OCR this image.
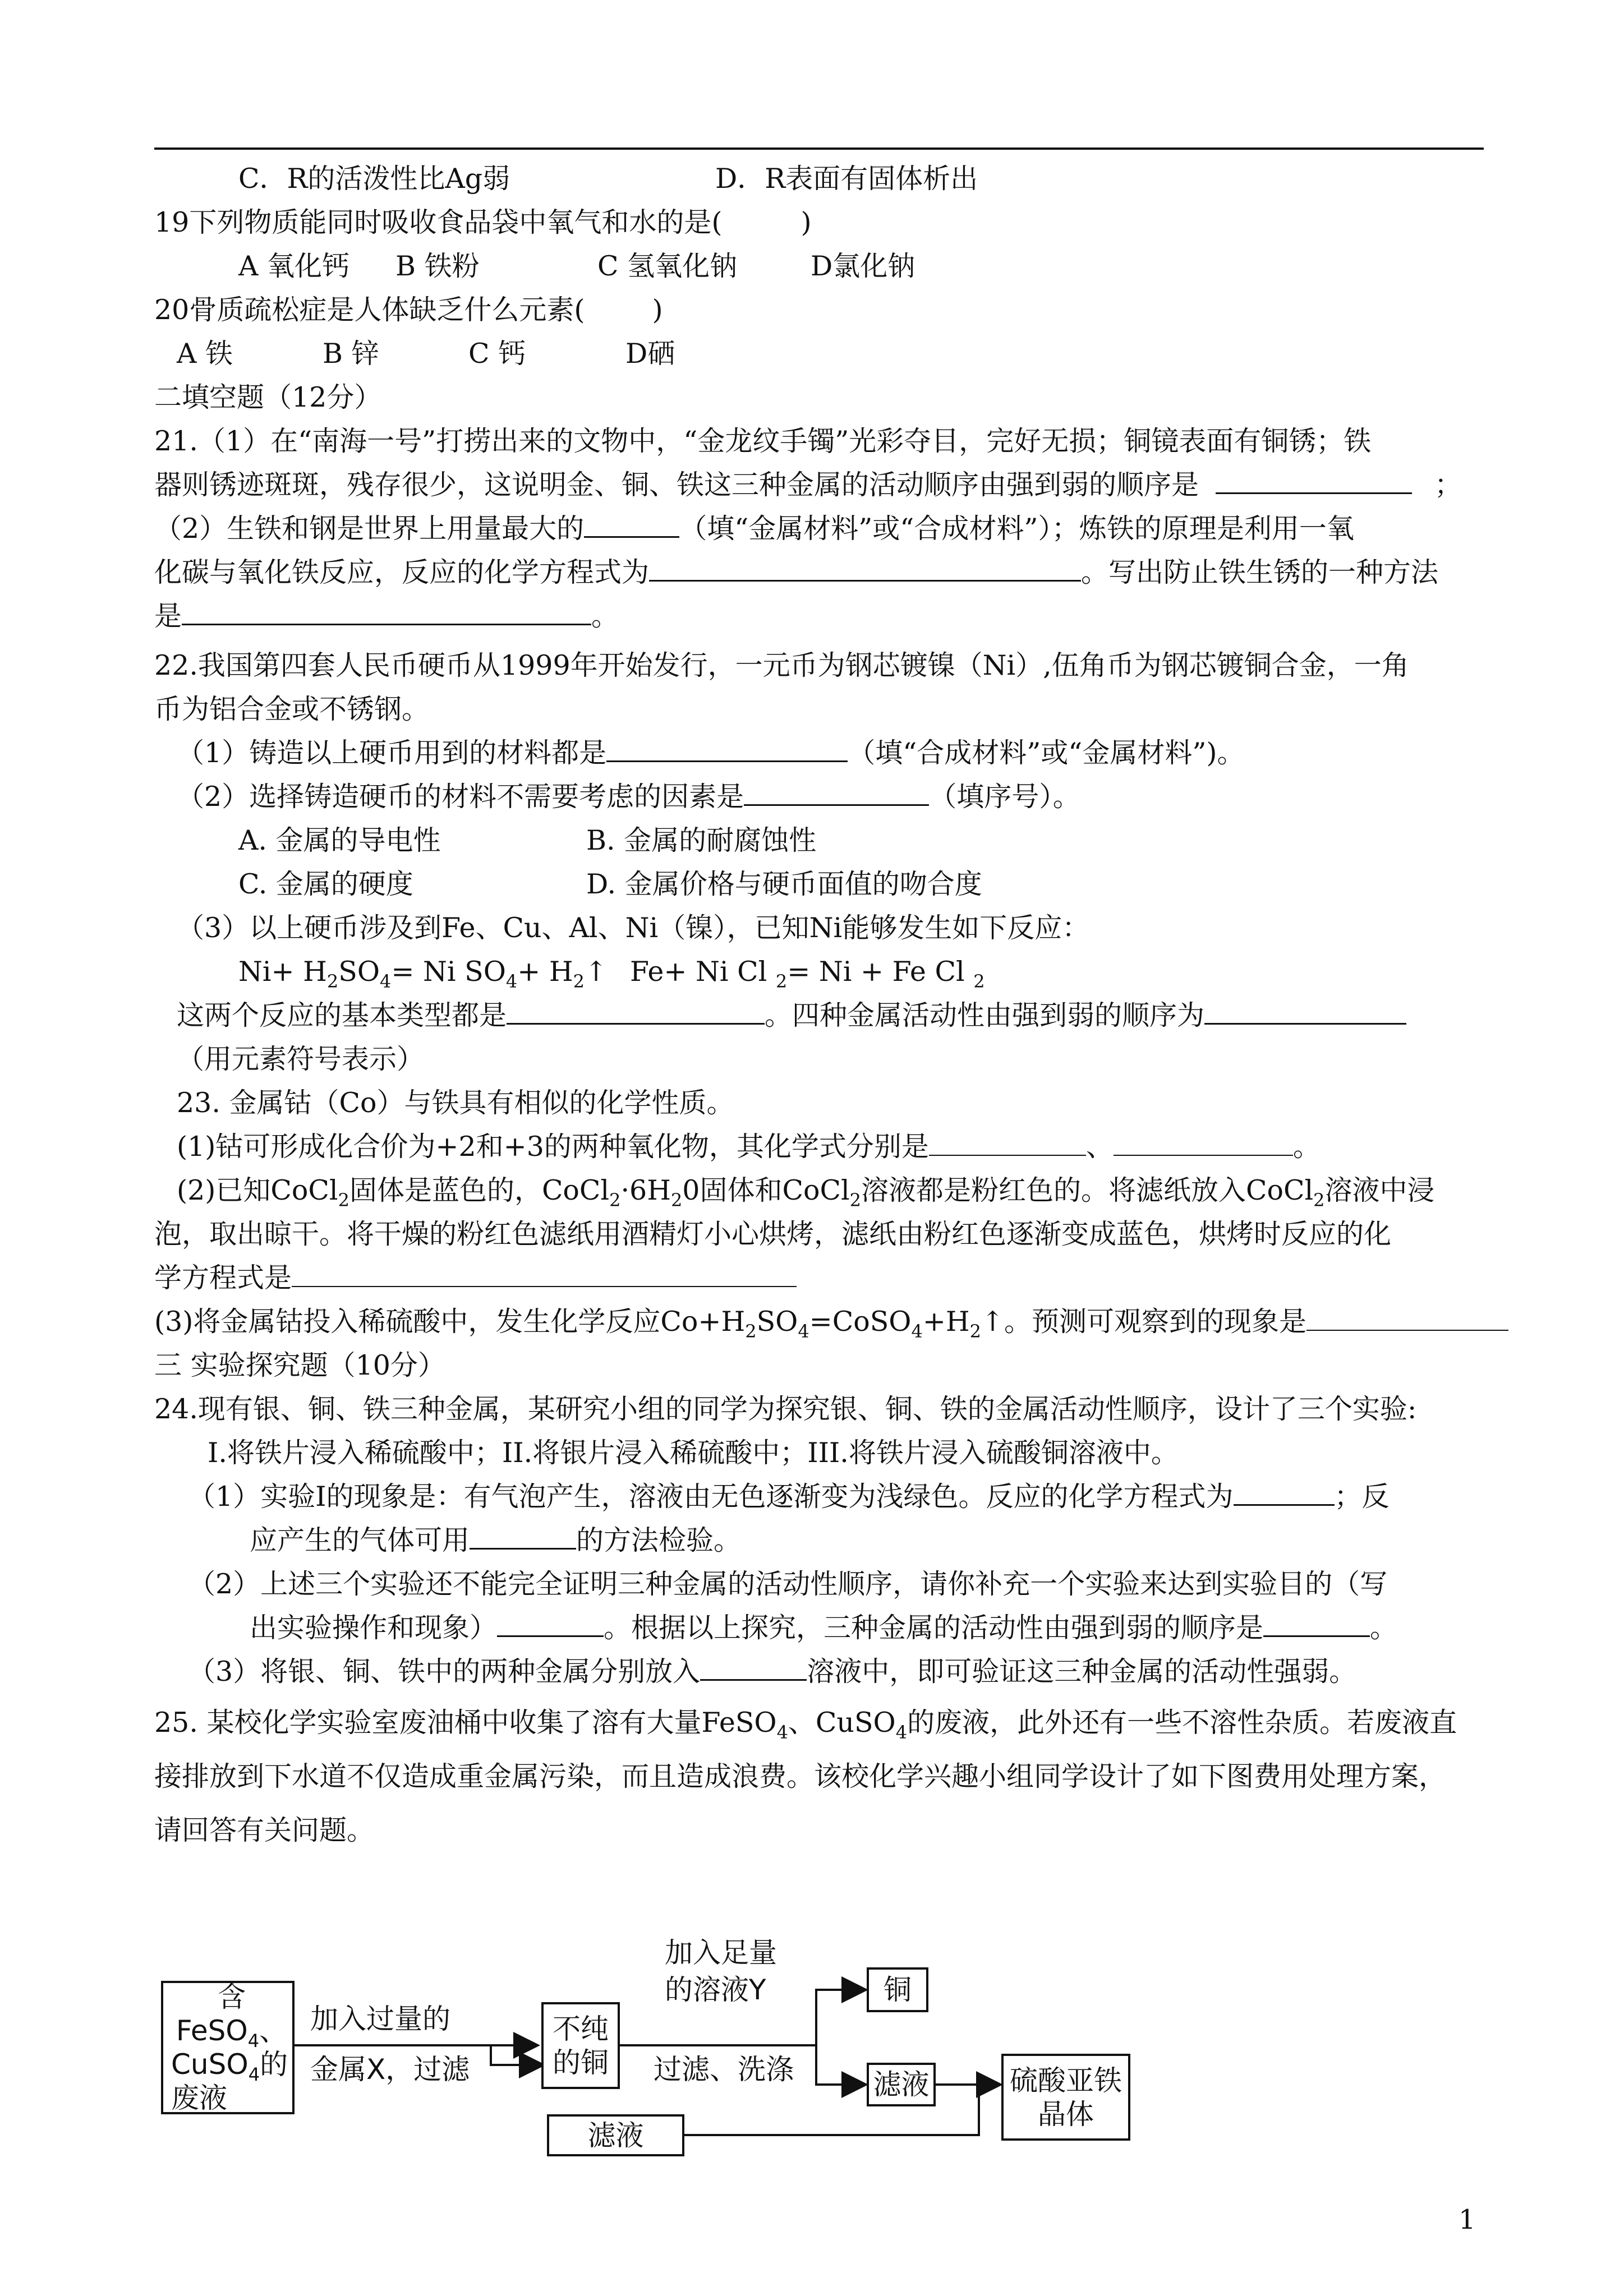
C．R的活泼性比Ag弱	D．R表面有固体析出
19下列物质能同时吸收食品袋中氧气和水的是(	)
A 氧化钙 B 铁粉	C 氢氧化钠	D氯化钠
20骨质疏松症是人体缺乏什么元素( )
A 铁	B 锌	C 钙	D硒
二填空题（12分）
21.（1）在“南海一号”打捞出来的文物中，“金龙纹手镯”光彩夺目，完好无损；铜镜表面有铜锈；铁
器则锈迹斑斑，残存很少，这说明金、铜、铁这三种金属的活动顺序由强到弱的顺序是	；
（2）生铁和钢是世界上用量最大的	（填“金属材料”或“合成材料”）；炼铁的原理是利用一氧
化碳与氧化铁反应，反应的化学方程式为	。写出防止铁生锈的一种方法
是	。
22.我国第四套人民币硬币从1999年开始发行，一元币为钢芯镀镍（Ni）,伍角币为钢芯镀铜合金，一角
币为铝合金或不锈钢。
（1）铸造以上硬币用到的材料都是	（填“合成材料”或“金属材料”)。
（2）选择铸造硬币的材料不需要考虑的因素是	（填序号）。
A. 金属的导电性	B. 金属的耐腐蚀性
C. 金属的硬度	D. 金属价格与硬币面值的吻合度
（3）以上硬币涉及到Fe、Cu、Al、Ni（镍），已知Ni能够发生如下反应：
$Ni+ H_2SO_4= Ni$ $SO_4+$ $H_2↑$ Fe+ Ni Cl $_2$= Ni + Fe Cl $_2$
这两个反应的基本类型都是	。四种金属活动性由强到弱的顺序为
（用元素符号表示）
23. 金属钴（Co）与铁具有相似的化学性质。
(1)钴可形成化合价为+2和+3的两种氧化物，其化学式分别是	、	。
(2)已知CoCl$_2$固体是蓝色的，$CoCl_2\cdot 6H_20$固体和CoCl$_2$溶液都是粉红色的。将滤纸放入CoCl$_2$溶液中浸
泡，取出晾干。将干燥的粉红色滤纸用酒精灯小心烘烤，滤纸由粉红色逐渐变成蓝色，烘烤时反应的化
学方程式是
(3)将金属钴投入稀硫酸中，发生化学反应$Co+H_2SO_4=CoSO_4+H_2↑$。预测可观察到的现象是
三 实验探究题（10分）
24.现有银、铜、铁三种金属，某研究小组的同学为探究银、铜、铁的金属活动性顺序，设计了三个实验:
I.将铁片浸入稀硫酸中；II.将银片浸入稀硫酸中；III.将铁片浸入硫酸铜溶液中。
（1）实验I的现象是：有气泡产生，溶液由无色逐渐变为浅绿色。反应的化学方程式为	；反
应产生的气体可用	的方法检验。
（2）上述三个实验还不能完全证明三种金属的活动性顺序，请你补充一个实验来达到实验目的（写
出实验操作和现象）	。根据以上探究，三种金属的活动性由强到弱的顺序是	。
（3）将银、铜、铁中的两种金属分别放入	溶液中，即可验证这三种金属的活动性强弱。
25. 某校化学实验室废油桶中收集了溶有大量FeSO$_4$、CuSO$_4$的废液，此外还有一些不溶性杂质。若废液直
接排放到下水道不仅造成重金属污染，而且造成浪费。该校化学兴趣小组同学设计了如下图费用处理方案，
请回答有关问题。
含FeSO$_4$、
CuSO$_4$的
废液
加入过量的
金属X，过滤
不纯
的铜
滤液
加入足量
的溶液Y
过滤、洗涤
铜
滤液	硫酸亚铁
晶体
1
